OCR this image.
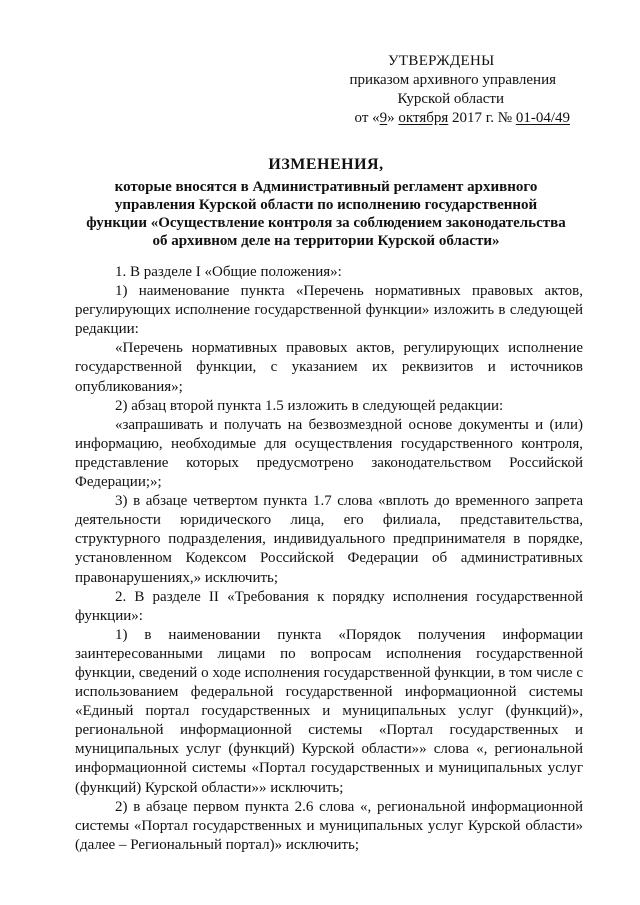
УТВЕРЖДЕНЫ
приказом архивного управления
Курской области
от «9» октября 2017 г. № 01-04/49
ИЗМЕНЕНИЯ,
которые вносятся в Административный регламент архивного
управления Курской области по исполнению государственной
функции «Осуществление контроля за соблюдением законодательства
об архивном деле на территории Курской области»

1. В разделе I «Общие положения»:

1) наименование пункта «Перечень нормативных правовых актов, регулирующих исполнение государственной функции» изложить в следующей редакции:

«Перечень нормативных правовых актов, регулирующих исполнение государственной функции, с указанием их реквизитов и источников опубликования»;

2) абзац второй пункта 1.5 изложить в следующей редакции:

«запрашивать и получать на безвозмездной основе документы и (или) информацию, необходимые для осуществления государственного контроля, представление которых предусмотрено законодательством Российской Федерации;»;

3) в абзаце четвертом пункта 1.7 слова «вплоть до временного запрета деятельности юридического лица, его филиала, представительства, структурного подразделения, индивидуального предпринимателя в порядке, установленном Кодексом Российской Федерации об административных правонарушениях,» исключить;

2. В разделе II «Требования к порядку исполнения государственной функции»:

1) в наименовании пункта «Порядок получения информации заинтересованными лицами по вопросам исполнения государственной функции, сведений о ходе исполнения государственной функции, в том числе с использованием федеральной государственной информационной системы «Единый портал государственных и муниципальных услуг (функций)», региональной информационной системы «Портал государственных и муниципальных услуг (функций) Курской области»» слова «, региональной информационной системы «Портал государственных и муниципальных услуг (функций) Курской области»» исключить;

2) в абзаце первом пункта 2.6 слова «, региональной информационной системы «Портал государственных и муниципальных услуг Курской области» (далее – Региональный портал)» исключить;
